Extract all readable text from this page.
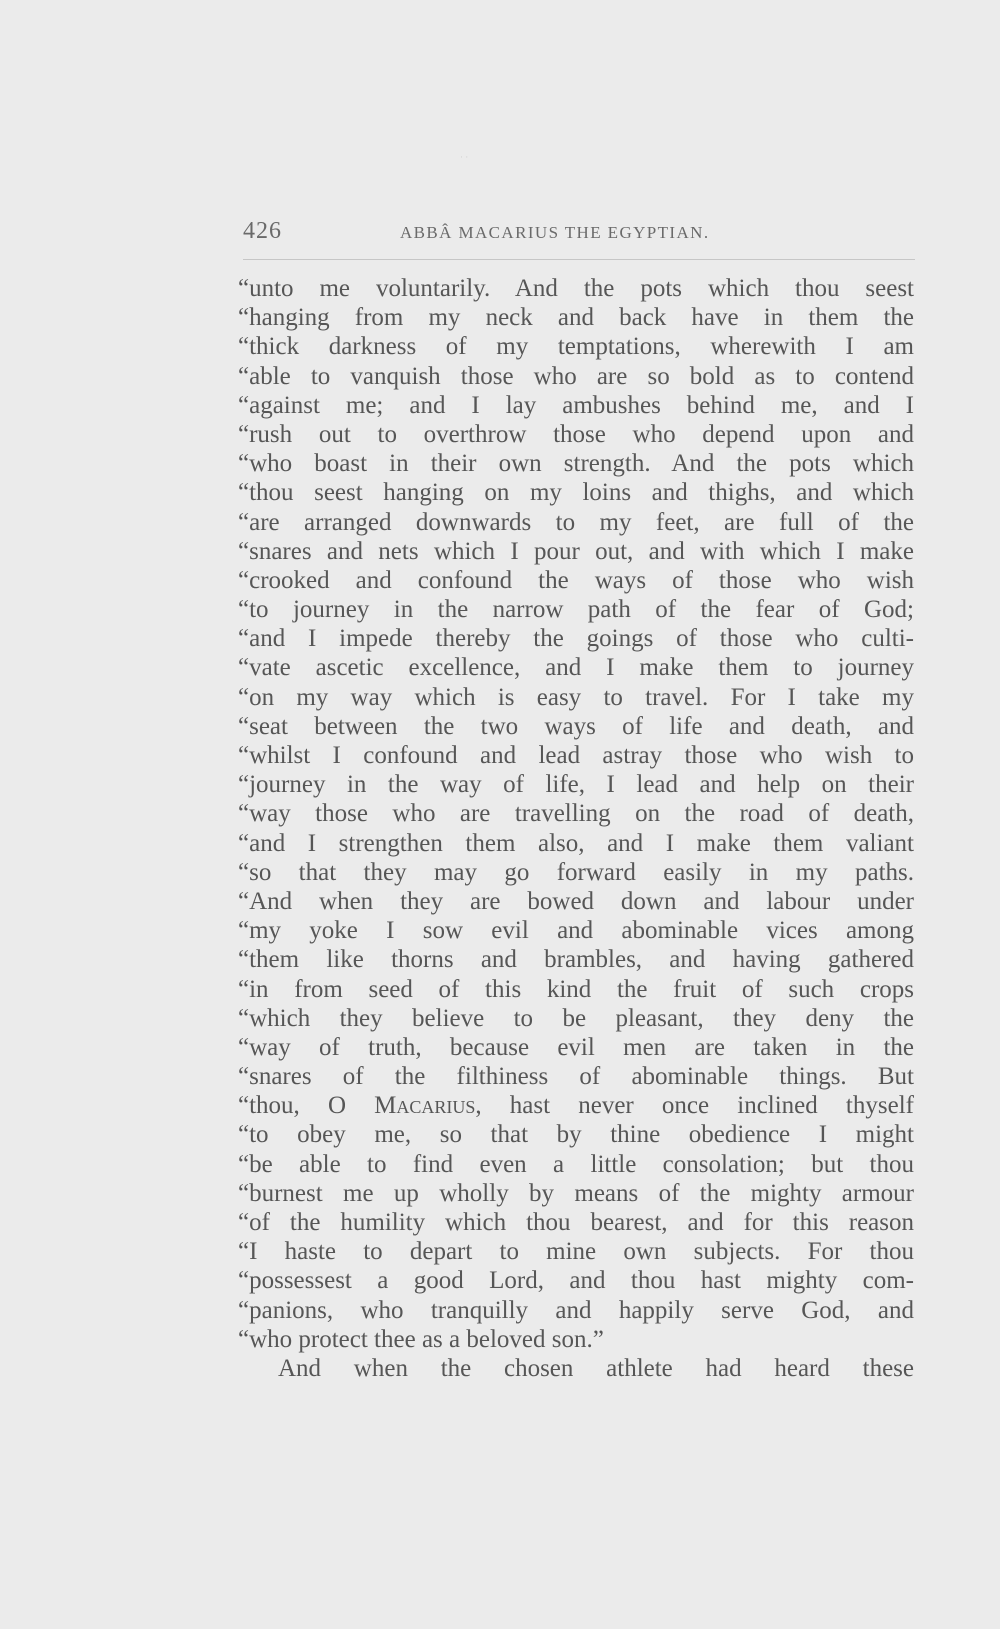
· ·
426	ABBÂ MACARIUS THE EGYPTIAN.
“unto me voluntarily. And the pots which thou seest
“hanging from my neck and back have in them the
“thick darkness of my temptations, wherewith I am
“able to vanquish those who are so bold as to contend
“against me; and I lay ambushes behind me, and I
“rush out to overthrow those who depend upon and
“who boast in their own strength. And the pots which
“thou seest hanging on my loins and thighs, and which
“are arranged downwards to my feet, are full of the
“snares and nets which I pour out, and with which I make
“crooked and confound the ways of those who wish
“to journey in the narrow path of the fear of God;
“and I impede thereby the goings of those who culti-
“vate ascetic excellence, and I make them to journey
“on my way which is easy to travel. For I take my
“seat between the two ways of life and death, and
“whilst I confound and lead astray those who wish to
“journey in the way of life, I lead and help on their
“way those who are travelling on the road of death,
“and I strengthen them also, and I make them valiant
“so that they may go forward easily in my paths.
“And when they are bowed down and labour under
“my yoke I sow evil and abominable vices among
“them like thorns and brambles, and having gathered
“in from seed of this kind the fruit of such crops
“which they believe to be pleasant, they deny the
“way of truth, because evil men are taken in the
“snares of the filthiness of abominable things. But
“thou, O Macarius, hast never once inclined thyself
“to obey me, so that by thine obedience I might
“be able to find even a little consolation; but thou
“burnest me up wholly by means of the mighty armour
“of the humility which thou bearest, and for this reason
“I haste to depart to mine own subjects. For thou
“possessest a good Lord, and thou hast mighty com-
“panions, who tranquilly and happily serve God, and
“who protect thee as a beloved son.”
And when the chosen athlete had heard these
